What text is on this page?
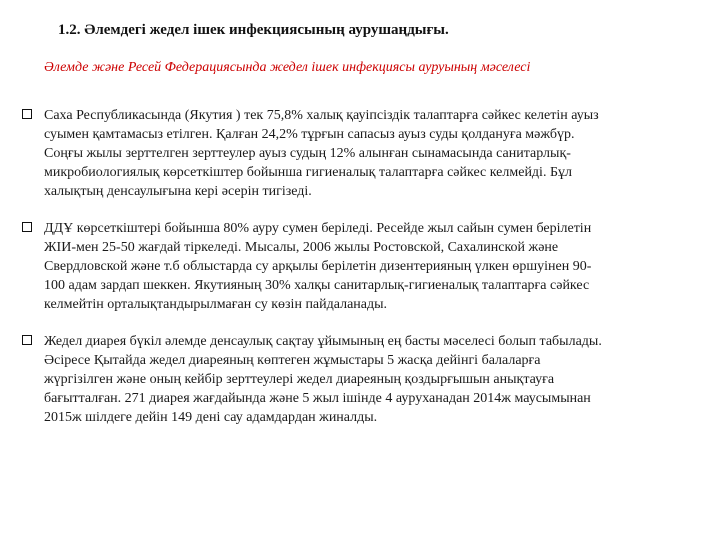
1.2. Әлемдегі жедел ішек инфекциясының аурушаңдығы.
Әлемде және Ресей Федерациясында жедел ішек инфекциясы ауруының мәселесі
Саха Республикасында (Якутия ) тек 75,8% халық қауіпсіздік талаптарға сәйкес келетін ауыз
суымен қамтамасыз етілген. Қалған 24,2% тұрғын сапасыз ауыз суды қолдануға мәжбүр.
Соңғы жылы зерттелген зерттеулер ауыз судың 12% алынған сынамасында санитарлық-
микробиологиялық көрсеткіштер бойынша гигиеналық талаптарға сәйкес келмейді. Бұл
халықтың денсаулығына кері әсерін тигізеді.
ДДҰ көрсеткіштері бойынша 80% ауру сумен беріледі. Ресейде жыл сайын сумен берілетін
ЖІИ-мен 25-50 жағдай тіркеледі. Мысалы, 2006 жылы Ростовской, Сахалинской және
Свердловской және т.б облыстарда су арқылы берілетін дизентерияның үлкен өршуінен 90-
100 адам зардап шеккен. Якутияның 30% халқы санитарлық-гигиеналық талаптарға сәйкес
келмейтін орталықтандырылмаған су көзін пайдаланады.
Жедел диарея бүкіл әлемде денсаулық сақтау ұйымының ең басты мәселесі болып табылады.
Әсіресе Қытайда жедел диареяның көптеген жұмыстары 5 жасқа дейінгі балаларға
жүргізілген және оның кейбір зерттеулері жедел диареяның қоздырғышын анықтауға
бағытталған. 271 диарея жағдайында және 5 жыл ішінде 4 ауруханадан 2014ж маусымынан
2015ж шілдеге дейін 149 дені сау адамдардан жиналды.
